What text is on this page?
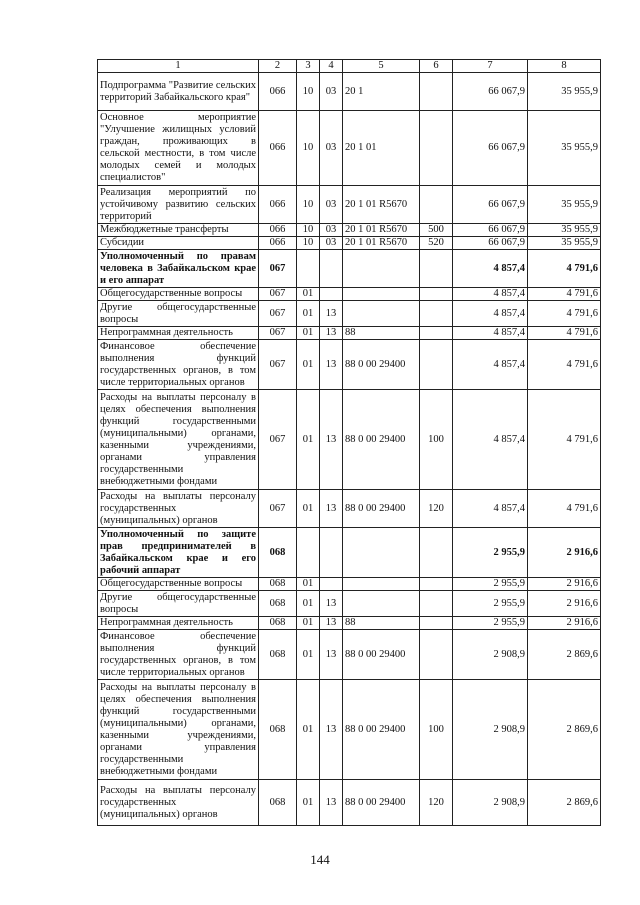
1	2	3	4	5	6	7	8
Подпрограмма "Развитие сельских территорий Забайкальского края"	066	10	03	20 1		66 067,9	35 955,9
Основное мероприятие "Улучшение жилищных условий граждан, проживающих в сельской местности, в том числе молодых семей и молодых специалистов"	066	10	03	20 1 01		66 067,9	35 955,9
Реализация мероприятий по устойчивому развитию сельских территорий	066	10	03	20 1 01 R5670		66 067,9	35 955,9
Межбюджетные трансферты	066	10	03	20 1 01 R5670	500	66 067,9	35 955,9
Субсидии	066	10	03	20 1 01 R5670	520	66 067,9	35 955,9
Уполномоченный по правам человека в Забайкальском крае и его аппарат	067					4 857,4	4 791,6
Общегосударственные вопросы	067	01				4 857,4	4 791,6
Другие общегосударственные вопросы	067	01	13			4 857,4	4 791,6
Непрограммная деятельность	067	01	13	88		4 857,4	4 791,6
Финансовое обеспечение выполнения функций государственных органов, в том числе территориальных органов	067	01	13	88 0 00 29400		4 857,4	4 791,6
Расходы на выплаты персоналу в целях обеспечения выполнения функций государственными (муниципальными) органами, казенными учреждениями, органами управления государственными внебюджетными фондами	067	01	13	88 0 00 29400	100	4 857,4	4 791,6
Расходы на выплаты персоналу государственных (муниципальных) органов	067	01	13	88 0 00 29400	120	4 857,4	4 791,6
Уполномоченный по защите прав предпринимателей в Забайкальском крае и его рабочий аппарат	068					2 955,9	2 916,6
Общегосударственные вопросы	068	01				2 955,9	2 916,6
Другие общегосударственные вопросы	068	01	13			2 955,9	2 916,6
Непрограммная деятельность	068	01	13	88		2 955,9	2 916,6
Финансовое обеспечение выполнения функций государственных органов, в том числе территориальных органов	068	01	13	88 0 00 29400		2 908,9	2 869,6
Расходы на выплаты персоналу в целях обеспечения выполнения функций государственными (муниципальными) органами, казенными учреждениями, органами управления государственными внебюджетными фондами	068	01	13	88 0 00 29400	100	2 908,9	2 869,6
Расходы на выплаты персоналу государственных (муниципальных) органов	068	01	13	88 0 00 29400	120	2 908,9	2 869,6
144
